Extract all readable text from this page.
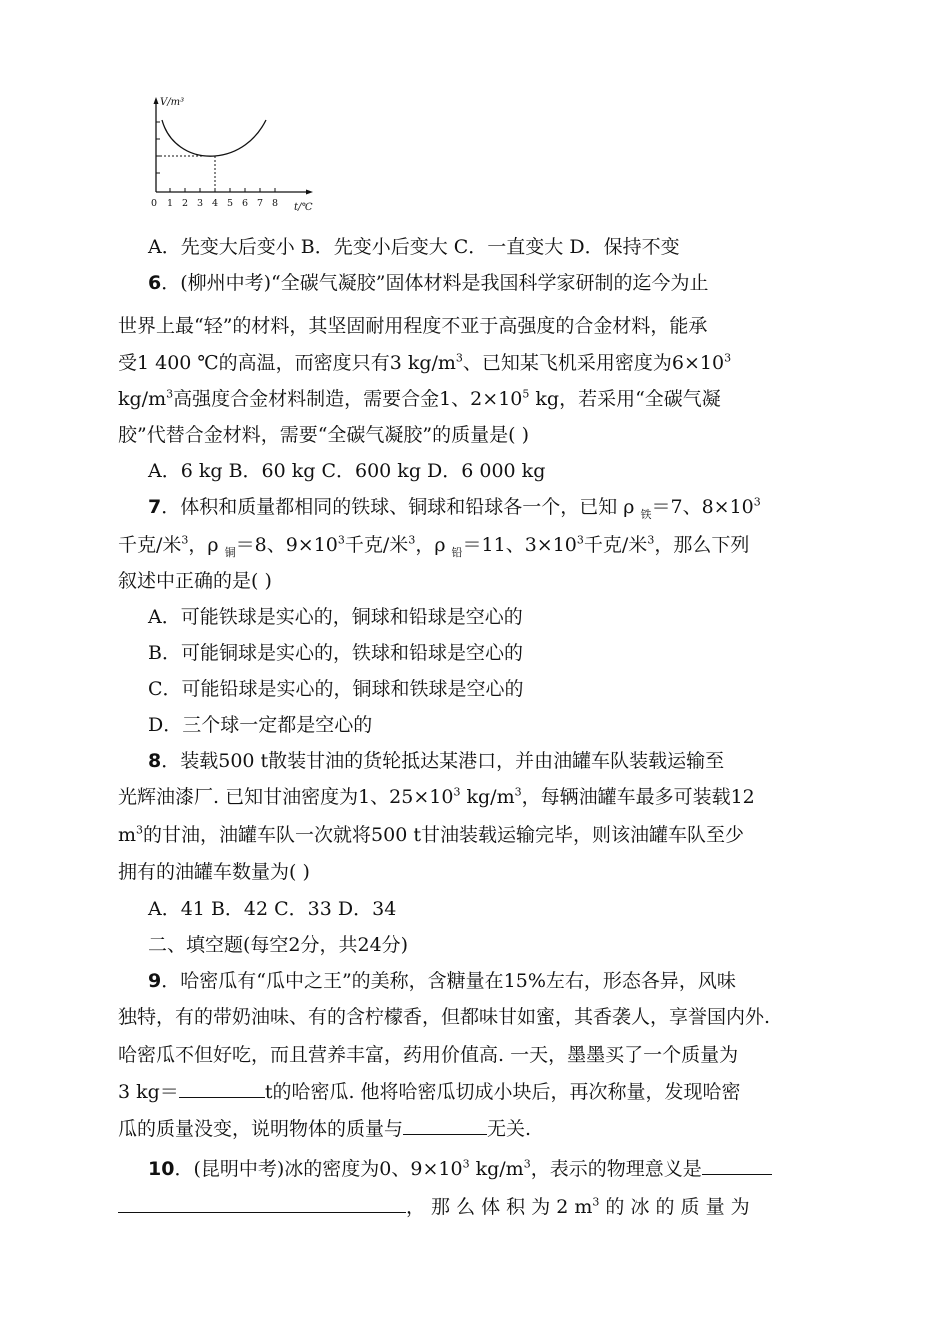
V/m³
0 1 2 3 4 5 6 7 8 t/℃
A．先变大后变小 B．先变小后变大 C．一直变大 D．保持不变
6．(柳州中考)“全碳气凝胶”固体材料是我国科学家研制的迄今为止
世界上最“轻”的材料，其坚固耐用程度不亚于高强度的合金材料，能承
受1 400 ℃的高温，而密度只有3 $kg/m^3$、已知某飞机采用密度为$6\times 10^3$
$kg/m^3$高强度合金材料制造，需要合金1、$2\times 10^5$ kg，若采用“全碳气凝
胶”代替合金材料，需要“全碳气凝胶”的质量是( )
A．6 kg B．60 kg C．600 kg D．6 000 kg
7．体积和质量都相同的铁球、铜球和铅球各一个，已知 ρ $_铁$＝7、$8\times 10^3$
千克/米$^3$，ρ $_铜$＝8、$9\times 10^3$千克/米$^3$，ρ $_铅$＝11、$3\times 10^3$千克/米$^3$，那么下列
叙述中正确的是( )
A．可能铁球是实心的，铜球和铅球是空心的
B．可能铜球是实心的，铁球和铅球是空心的
C．可能铅球是实心的，铜球和铁球是空心的
D．三个球一定都是空心的
8．装载500 t散装甘油的货轮抵达某港口，并由油罐车队装载运输至
光辉油漆厂. 已知甘油密度为1、$25\times 10^3$ $kg/m^3$，每辆油罐车最多可装载12
$m^3$的甘油，油罐车队一次就将500 t甘油装载运输完毕，则该油罐车队至少
拥有的油罐车数量为( )
A．41 B．42 C．33 D．34
二、填空题(每空2分，共24分)
9．哈密瓜有“瓜中之王”的美称，含糖量在15%左右，形态各异，风味
独特，有的带奶油味、有的含柠檬香，但都味甘如蜜，其香袭人，享誉国内外.
哈密瓜不但好吃，而且营养丰富，药用价值高. 一天，墨墨买了一个质量为
3 kg＝	t的哈密瓜. 他将哈密瓜切成小块后，再次称量，发现哈密
瓜的质量没变，说明物体的质量与	无关.
10．(昆明中考)冰的密度为0、$9\times 10^3$ $kg/m^3$，表示的物理意义是
， 那 么 体 积 为 2 $m^3$ 的 冰 的 质 量 为
